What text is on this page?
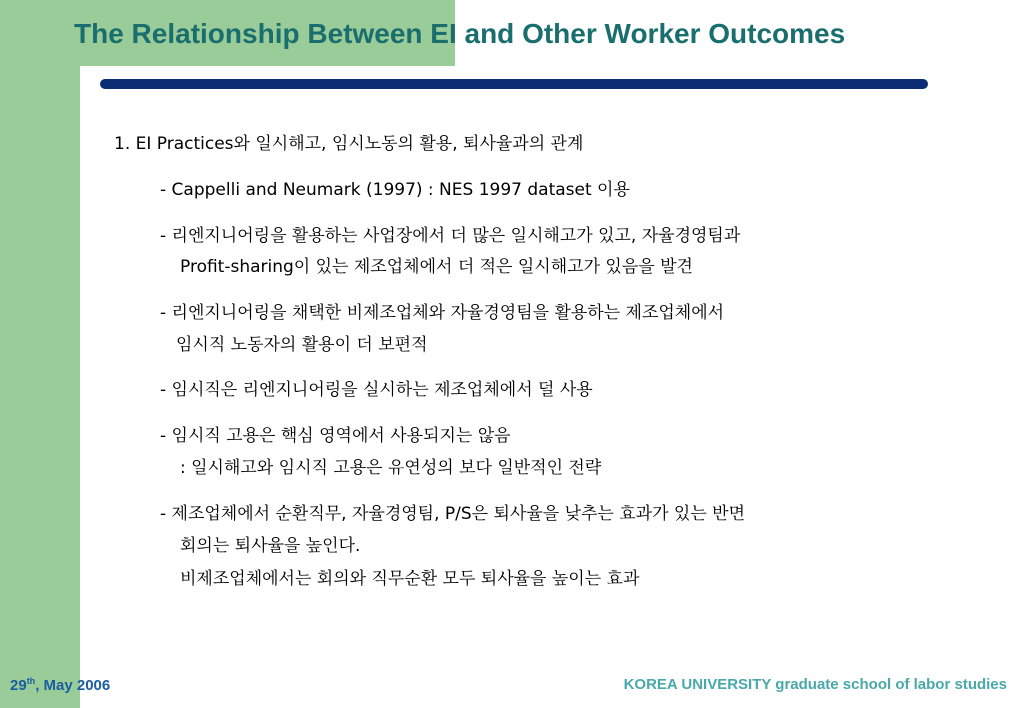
The Relationship Between EI and Other Worker Outcomes
1. EI Practices와 일시해고, 임시노동의 활용, 퇴사율과의 관계
- Cappelli and Neumark (1997) : NES 1997 dataset 이용
- 리엔지니어링을 활용하는 사업장에서 더 많은 일시해고가 있고, 자율경영팀과
Profit-sharing이 있는 제조업체에서 더 적은 일시해고가 있음을 발견
- 리엔지니어링을 채택한 비제조업체와 자율경영팀을 활용하는 제조업체에서
임시직 노동자의 활용이 더 보편적
- 임시직은 리엔지니어링을 실시하는 제조업체에서 덜 사용
- 임시직 고용은 핵심 영역에서 사용되지는 않음
: 일시해고와 임시직 고용은 유연성의 보다 일반적인 전략
- 제조업체에서 순환직무, 자율경영팀, P/S은 퇴사율을 낮추는 효과가 있는 반면
회의는 퇴사율을 높인다.
비제조업체에서는 회의와 직무순환 모두 퇴사율을 높이는 효과
29th, May 2006	KOREA UNIVERSITY graduate school of labor studies
